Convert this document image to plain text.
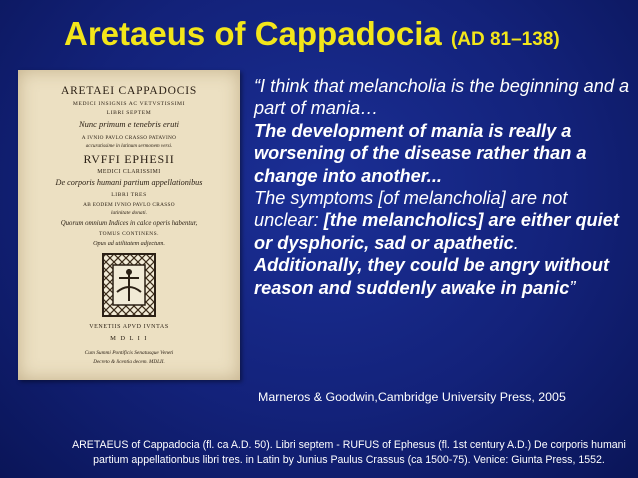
Aretaeus of Cappadocia (AD 81–138)
ARETAEI CAPPADOCIS
MEDICI INSIGNIS AC VETVSTISSIMI
LIBRI SEPTEM
Nunc primum e tenebris eruti
A IVNIO PAVLO CRASSO PATAVINO
accuratissime in latinum sermonem versi.
RVFFI EPHESII
MEDICI CLARISSIMI
De corporis humani partium appellationibus
LIBRI TRES
AB EODEM IVNIO PAVLO CRASSO
latinitate donati.
Quorum omnium Indices in calce operis habentur,
TOMUS CONTINENS.
Opus ad utilitatem adjectum.
VENETIIS APVD IVNTAS
M D L I I
Cum Summi Pontificis Senatusque Veneti
Decreto & licentia decem. MDLII.
“I think that melancholia is the beginning and a part of mania…
The development of mania is really a worsening of the disease rather than a change into another...
The symptoms [of melancholia] are not unclear: [the melancholics] are either quiet or dysphoric, sad or apathetic. Additionally, they could be angry without reason and suddenly awake in panic”
Marneros & Goodwin,Cambridge University Press, 2005
ARETAEUS of Cappadocia (fl. ca A.D. 50). Libri septem - RUFUS of Ephesus (fl. 1st century A.D.) De corporis humani partium appellationbus libri tres. in Latin by Junius Paulus Crassus (ca 1500-75). Venice: Giunta Press, 1552.
